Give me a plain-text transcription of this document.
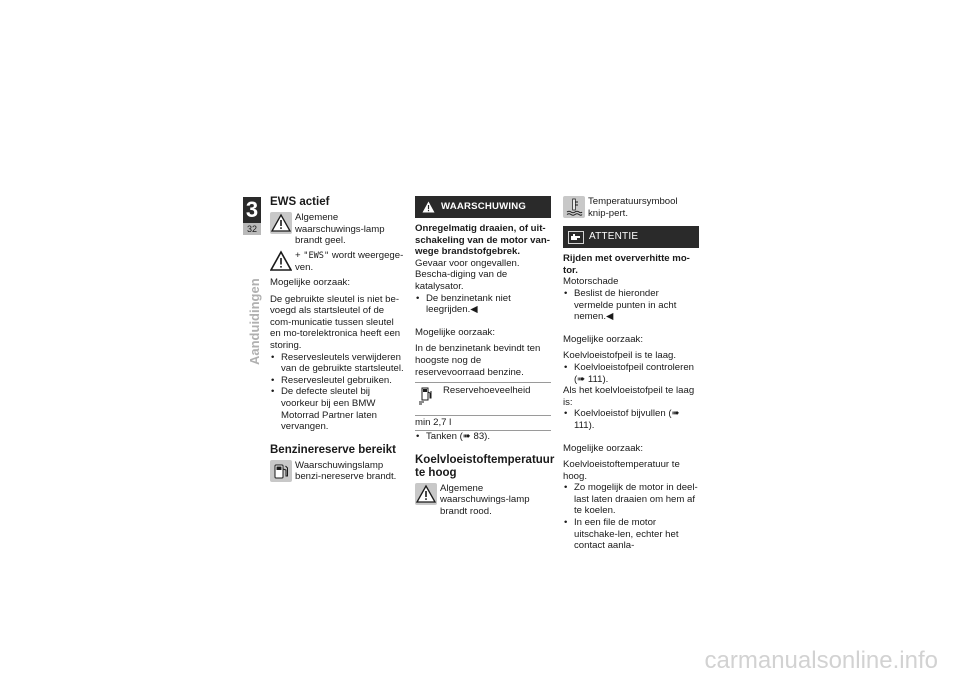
3
32
Aanduidingen
EWS actief
Algemene waarschuwings-lamp brandt geel.
+ "EWS" wordt weergege-ven.

Mogelijke oorzaak:

De gebruikte sleutel is niet be-voegd als startsleutel of de com-municatie tussen sleutel en mo-torelektronica heeft een storing.

• Reservesleutels verwijderen van de gebruikte startsleutel.
• Reservesleutel gebruiken.
• De defecte sleutel bij voorkeur bij een BMW Motorrad Partner laten vervangen.
Benzinereserve bereikt
Waarschuwingslamp benzi-nereserve brandt.
WAARSCHUWING
Onregelmatig draaien, of uit-schakeling van de motor van-wege brandstofgebrek.

Gevaar voor ongevallen. Bescha-diging van de katalysator.

• De benzinetank niet leegrijden.◀

Mogelijke oorzaak:

In de benzinetank bevindt ten hoogste nog de reservevoorraad benzine.

Reservehoeveelheid
min 2,7 l
• Tanken (➠ 83).
Koelvloeistoftemperatuur te hoog
Algemene waarschuwings-lamp brandt rood.
Temperatuursymbool knip-pert.
ATTENTIE
Rijden met oververhitte mo-tor.

Motorschade

• Beslist de hieronder vermelde punten in acht nemen.◀

Mogelijke oorzaak:

Koelvloeistofpeil is te laag.

• Koelvloeistofpeil controleren (➠ 111).

Als het koelvloeistofpeil te laag is:

• Koelvloeistof bijvullen (➠ 111).

Mogelijke oorzaak:

Koelvloeistoftemperatuur te hoog.

• Zo mogelijk de motor in deel-last laten draaien om hem af te koelen.
• In een file de motor uitschake-len, echter het contact aanla-
carmanualsonline.info
